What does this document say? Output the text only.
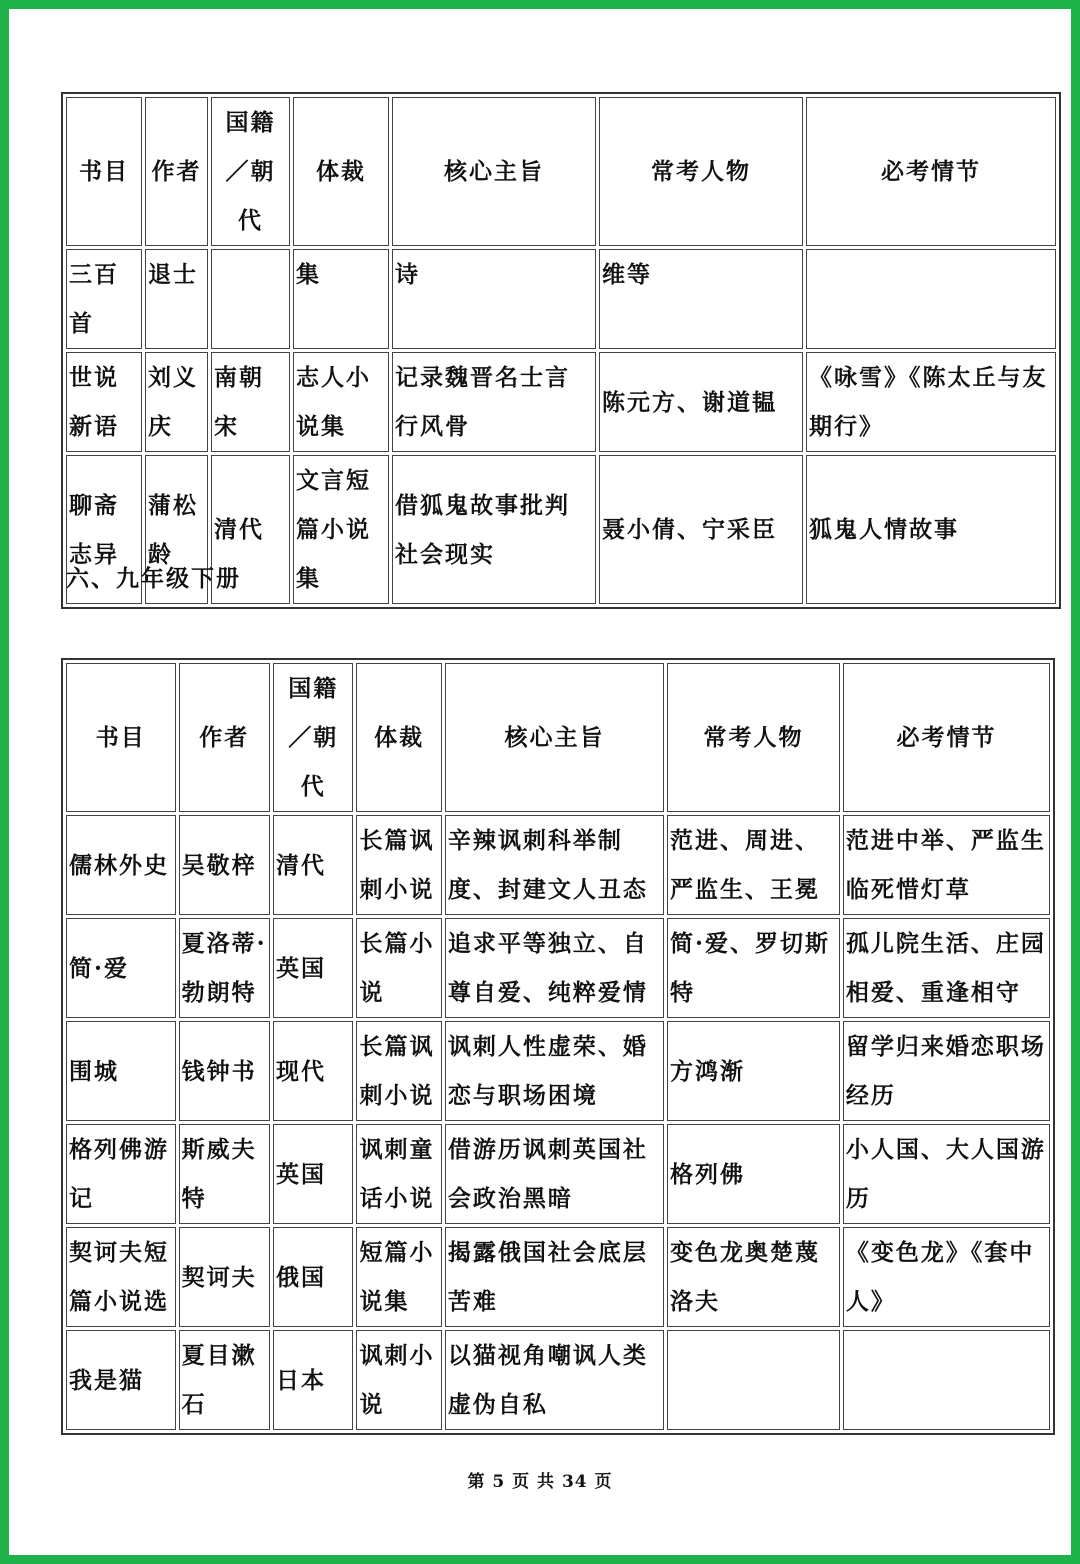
书目	作者	国籍／朝代	体裁	核心主旨	常考人物	必考情节
三百首	退士		集	诗	维等	
世说新语	刘义庆	南朝宋	志人小说集	记录魏晋名士言行风骨	陈元方、谢道韫	《咏雪》《陈太丘与友期行》
聊斋志异	蒲松龄	清代	文言短篇小说集	借狐鬼故事批判社会现实	聂小倩、宁采臣	狐鬼人情故事
六、九年级下册
书目	作者	国籍／朝代	体裁	核心主旨	常考人物	必考情节
儒林外史	吴敬梓	清代	长篇讽刺小说	辛辣讽刺科举制度、封建文人丑态	范进、周进、严监生、王冕	范进中举、严监生临死惜灯草
简·爱	夏洛蒂·勃朗特	英国	长篇小说	追求平等独立、自尊自爱、纯粹爱情	简·爱、罗切斯特	孤儿院生活、庄园相爱、重逢相守
围城	钱钟书	现代	长篇讽刺小说	讽刺人性虚荣、婚恋与职场困境	方鸿渐	留学归来婚恋职场经历
格列佛游记	斯威夫特	英国	讽刺童话小说	借游历讽刺英国社会政治黑暗	格列佛	小人国、大人国游历
契诃夫短篇小说选	契诃夫	俄国	短篇小说集	揭露俄国社会底层苦难	变色龙奥楚蔑洛夫	《变色龙》《套中人》
我是猫	夏目漱石	日本	讽刺小说	以猫视角嘲讽人类虚伪自私		
第 5 页 共 34 页
